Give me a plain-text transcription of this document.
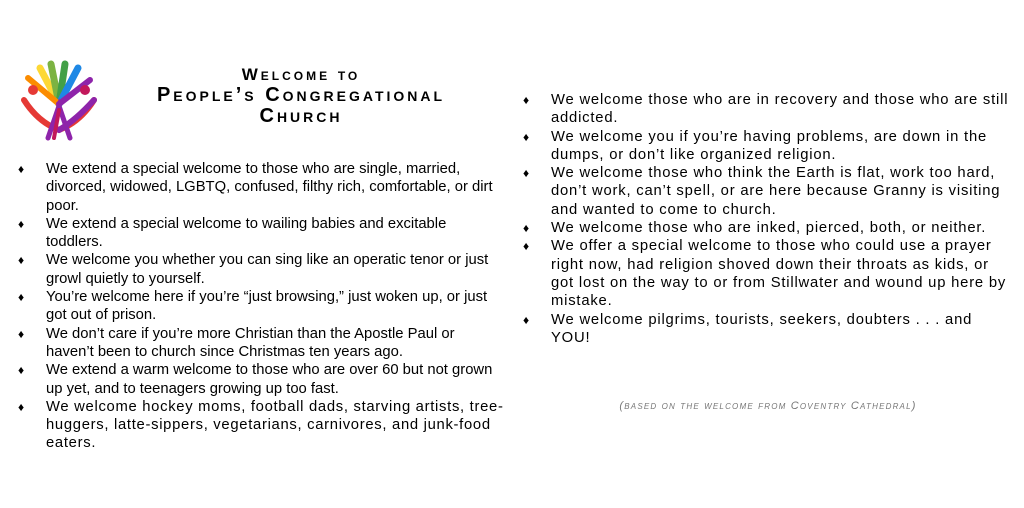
Welcome to
People’s Congregational
Church
♦ We extend a special welcome to those who are single, married, divorced, widowed, LGBTQ, confused, filthy rich, comfortable, or dirt poor.
♦ We extend a special welcome to wailing babies and excitable toddlers.
♦ We welcome you whether you can sing like an operatic tenor or just growl quietly to yourself.
♦ You’re welcome here if you’re “just browsing,” just woken up, or just got out of prison.
♦ We don’t care if you’re more Christian than the Apostle Paul or haven’t been to church since Christmas ten years ago.
♦ We extend a warm welcome to those who are over 60 but not grown up yet, and to teenagers growing up too fast.
♦ We welcome hockey moms, football dads, starving artists, tree-huggers, latte-sippers, vegetarians, carnivores, and junk-food eaters.
♦ We welcome those who are in recovery and those who are still addicted.
♦ We welcome you if you’re having problems, are down in the dumps, or don’t like organized religion.
♦ We welcome those who think the Earth is flat, work too hard, don’t work, can’t spell, or are here because Granny is visiting and wanted to come to church.
♦ We welcome those who are inked, pierced, both, or neither.
♦ We offer a special welcome to those who could use a prayer right now, had religion shoved down their throats as kids, or got lost on the way to or from Stillwater and wound up here by mistake.
♦ We welcome pilgrims, tourists, seekers, doubters . . . and YOU!
(based on the welcome from Coventry Cathedral)
